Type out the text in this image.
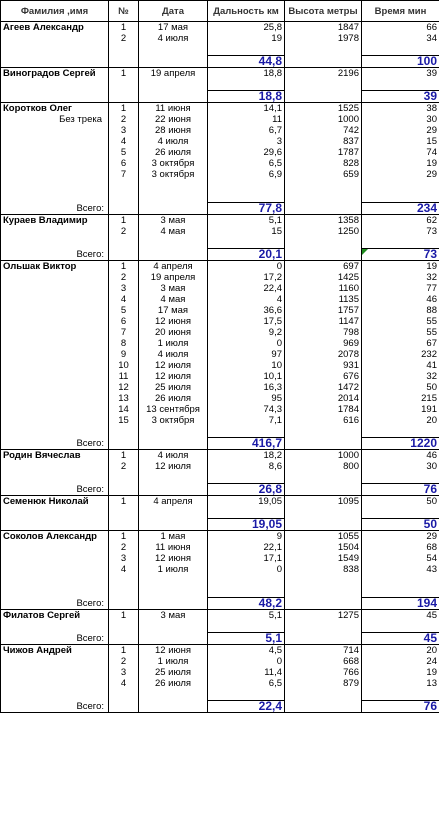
Фамилия ,имя	№	Дата	Дальность км	Высота метры	Время мин
Агеев Александр	1	17 мая	25,8	1847	66
	2	4 июля	19	1978	34

			44,8		100
Виноградов Сергей	1	19 апреля	18,8	2196	39

			18,8		39
Коротков Олег	1	11 июня	14,1	1525	38
Без трека	2	22 июня	11	1000	30
	3	28 июня	6,7	742	29
	4	4 июля	3	837	15
	5	26 июля	29,6	1787	74
	6	3 октября	6,5	828	19
	7	3 октября	6,9	659	29

Всего:			77,8		234
Кураев Владимир	1	3 мая	5,1	1358	62
	2	4 мая	15	1250	73

Всего:			20,1		73
Ольшак Виктор	1	4 апреля	0	697	19
	2	19 апреля	17,2	1425	32
	3	3 мая	22,4	1160	77
	4	4 мая	4	1135	46
	5	17 мая	36,6	1757	88
	6	12 июня	17,5	1147	55
	7	20 июня	9,2	798	55
	8	1 июля	0	969	67
	9	4 июля	97	2078	232
	10	12 июля	10	931	41
	11	12 июля	10,1	676	32
	12	25 июля	16,3	1472	50
	13	26 июля	95	2014	215
	14	13 сентября	74,3	1784	191
	15	3 октября	7,1	616	20

Всего:			416,7		1220
Родин Вячеслав	1	4 июля	18,2	1000	46
	2	12 июля	8,6	800	30

Всего:			26,8		76
Семенюк Николай	1	4 апреля	19,05	1095	50

			19,05		50
Соколов Александр	1	1 мая	9	1055	29
	2	11 июня	22,1	1504	68
	3	12 июня	17,1	1549	54
	4	1 июля	0	838	43

Всего:			48,2		194
Филатов Сергей	1	3 мая	5,1	1275	45

Всего:			5,1		45
Чижов Андрей	1	12 июня	4,5	714	20
	2	1 июля	0	668	24
	3	25 июля	11,4	766	19
	4	26 июля	6,5	879	13

Всего:			22,4		76
